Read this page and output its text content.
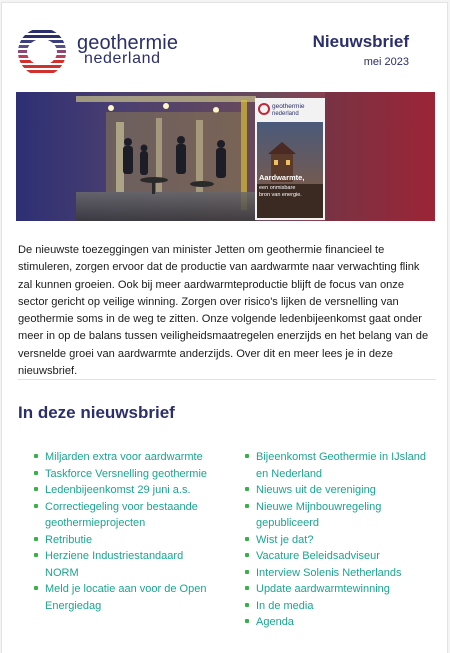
geothermie
nederland
Nieuwsbrief
mei 2023
geothermie
nederland
Aardwarmte,
een onmisbare
bron van energie.

De nieuwste toezeggingen van minister Jetten om geothermie financieel te stimuleren, zorgen ervoor dat de productie van aardwarmte naar verwachting flink zal kunnen groeien. Ook bij meer aardwarmteproductie blijft de focus van onze sector gericht op veilige winning. Zorgen over risico's lijken de versnelling van geothermie soms in de weg te zitten. Onze volgende ledenbijeenkomst gaat onder meer in op de balans tussen veiligheidsmaatregelen enerzijds en het belang van de versnelde groei van aardwarmte anderzijds. Over dit en meer lees je in deze nieuwsbrief.

In deze nieuwsbrief
Miljarden extra voor aardwarmte
Taskforce Versnelling geothermie
Ledenbijeenkomst 29 juni a.s.
Correctiegeling voor bestaande geothermieprojecten
Retributie
Herziene Industriestandaard NORM
Meld je locatie aan voor de Open Energiedag
Bijeenkomst Geothermie in IJsland en Nederland
Nieuws uit de vereniging
Nieuwe Mijnbouwregeling gepubliceerd
Wist je dat?
Vacature Beleidsadviseur
Interview Solenis Netherlands
Update aardwarmtewinning
In de media
Agenda
